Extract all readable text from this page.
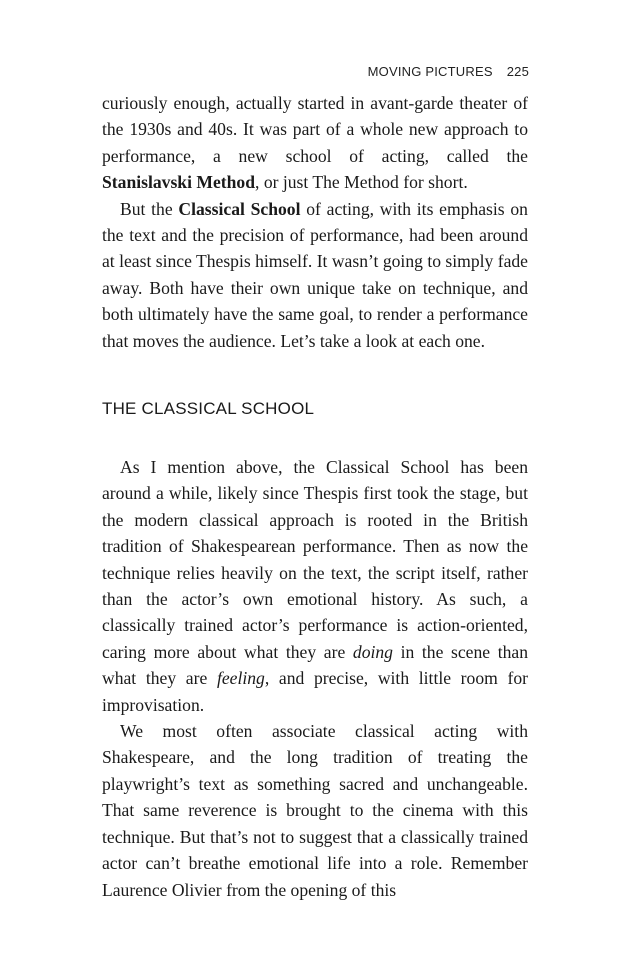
MOVING PICTURES 225

curiously enough, actually started in avant-garde theater of the 1930s and 40s. It was part of a whole new approach to performance, a new school of acting, called the Stanislavski Method, or just The Method for short.

But the Classical School of acting, with its emphasis on the text and the precision of performance, had been around at least since Thespis himself. It wasn’t going to simply fade away. Both have their own unique take on technique, and both ultimately have the same goal, to render a performance that moves the audience. Let’s take a look at each one.

THE CLASSICAL SCHOOL

As I mention above, the Classical School has been around a while, likely since Thespis first took the stage, but the modern classical approach is rooted in the British tradition of Shakespearean performance. Then as now the technique relies heavily on the text, the script itself, rather than the actor’s own emotional history. As such, a classically trained actor’s performance is action-oriented, caring more about what they are doing in the scene than what they are feeling, and precise, with little room for improvisation.

We most often associate classical acting with Shakespeare, and the long tradition of treating the playwright’s text as something sacred and unchangeable. That same reverence is brought to the cinema with this technique. But that’s not to suggest that a classically trained actor can’t breathe emotional life into a role. Remember Laurence Olivier from the opening of this
